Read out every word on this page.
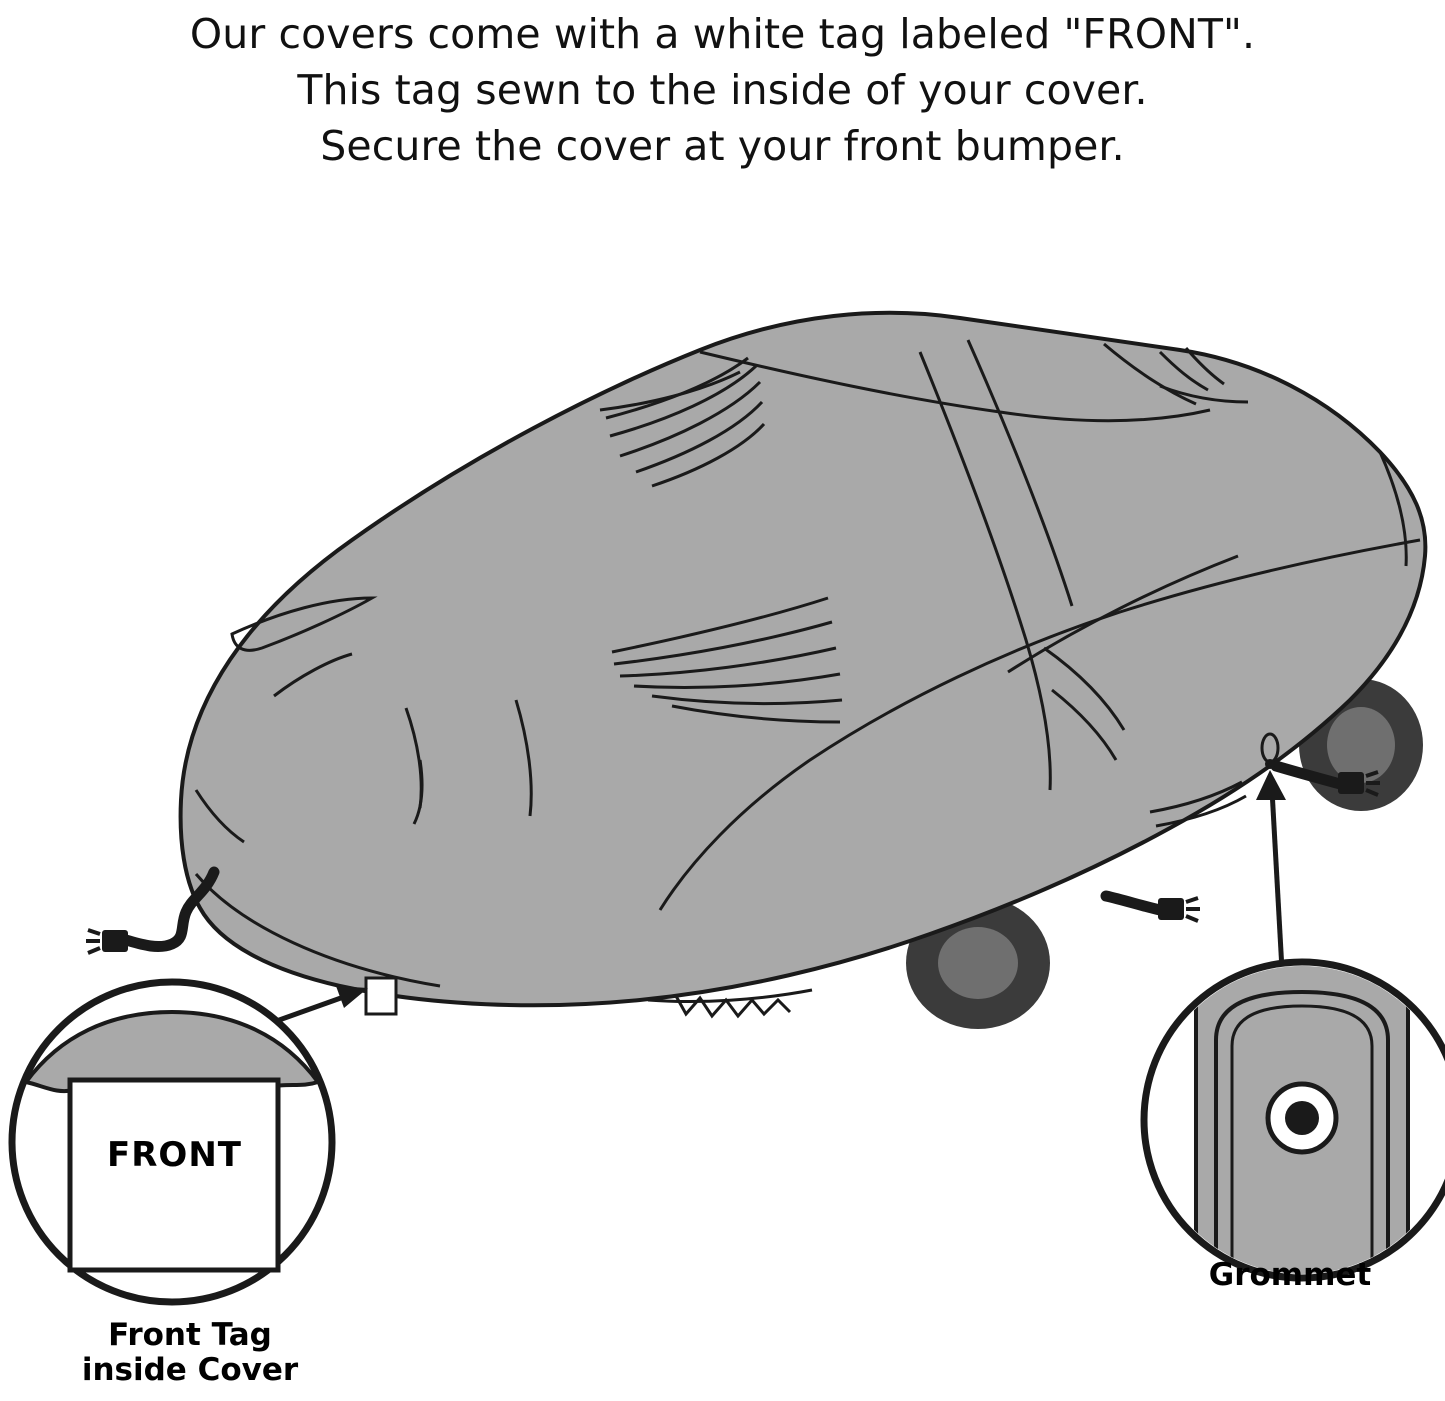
Our covers come with a white tag labeled "FRONT".
This tag sewn to the inside of your cover.
Secure the cover at your front bumper.
FRONT
Front Tag
inside Cover
Grommet
